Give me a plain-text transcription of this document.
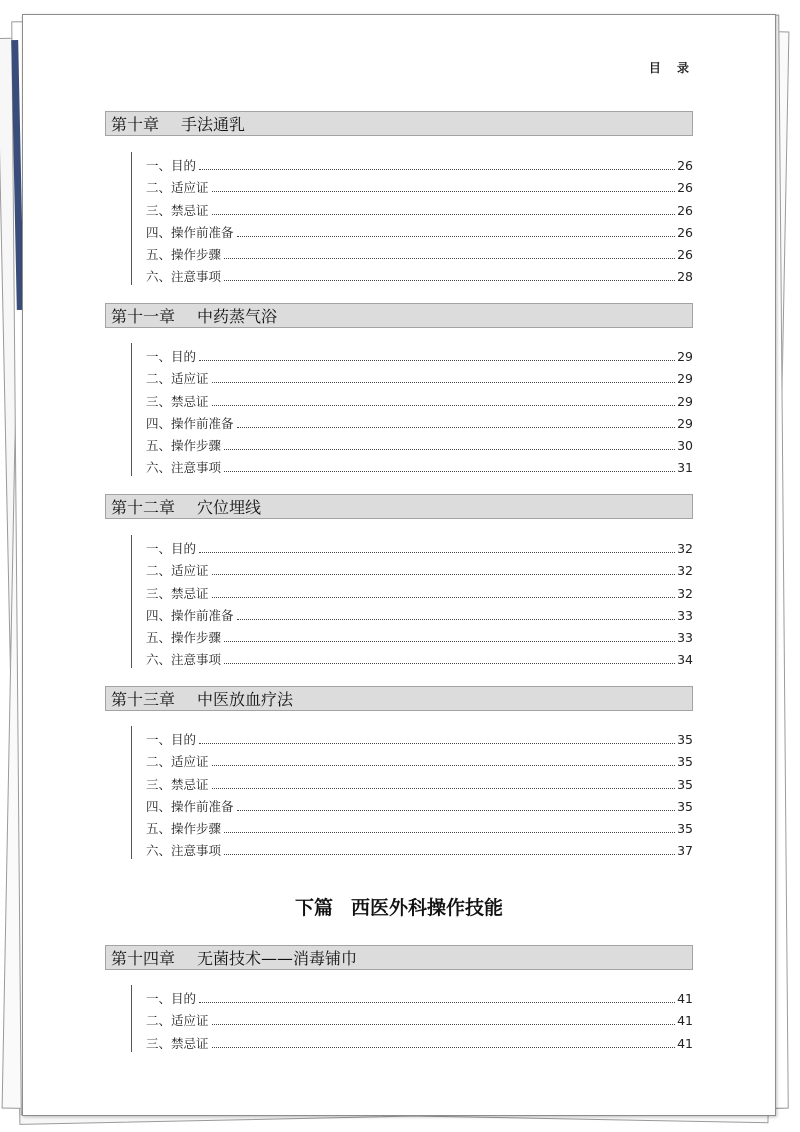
目 录
第十章 手法通乳
一、目的	26
二、适应证	26
三、禁忌证	26
四、操作前准备	26
五、操作步骤	26
六、注意事项	28
第十一章 中药蒸气浴
一、目的	29
二、适应证	29
三、禁忌证	29
四、操作前准备	29
五、操作步骤	30
六、注意事项	31
第十二章 穴位埋线
一、目的	32
二、适应证	32
三、禁忌证	32
四、操作前准备	33
五、操作步骤	33
六、注意事项	34
第十三章 中医放血疗法
一、目的	35
二、适应证	35
三、禁忌证	35
四、操作前准备	35
五、操作步骤	35
六、注意事项	37
下篇 西医外科操作技能
第十四章 无菌技术——消毒铺巾
一、目的	41
二、适应证	41
三、禁忌证	41
